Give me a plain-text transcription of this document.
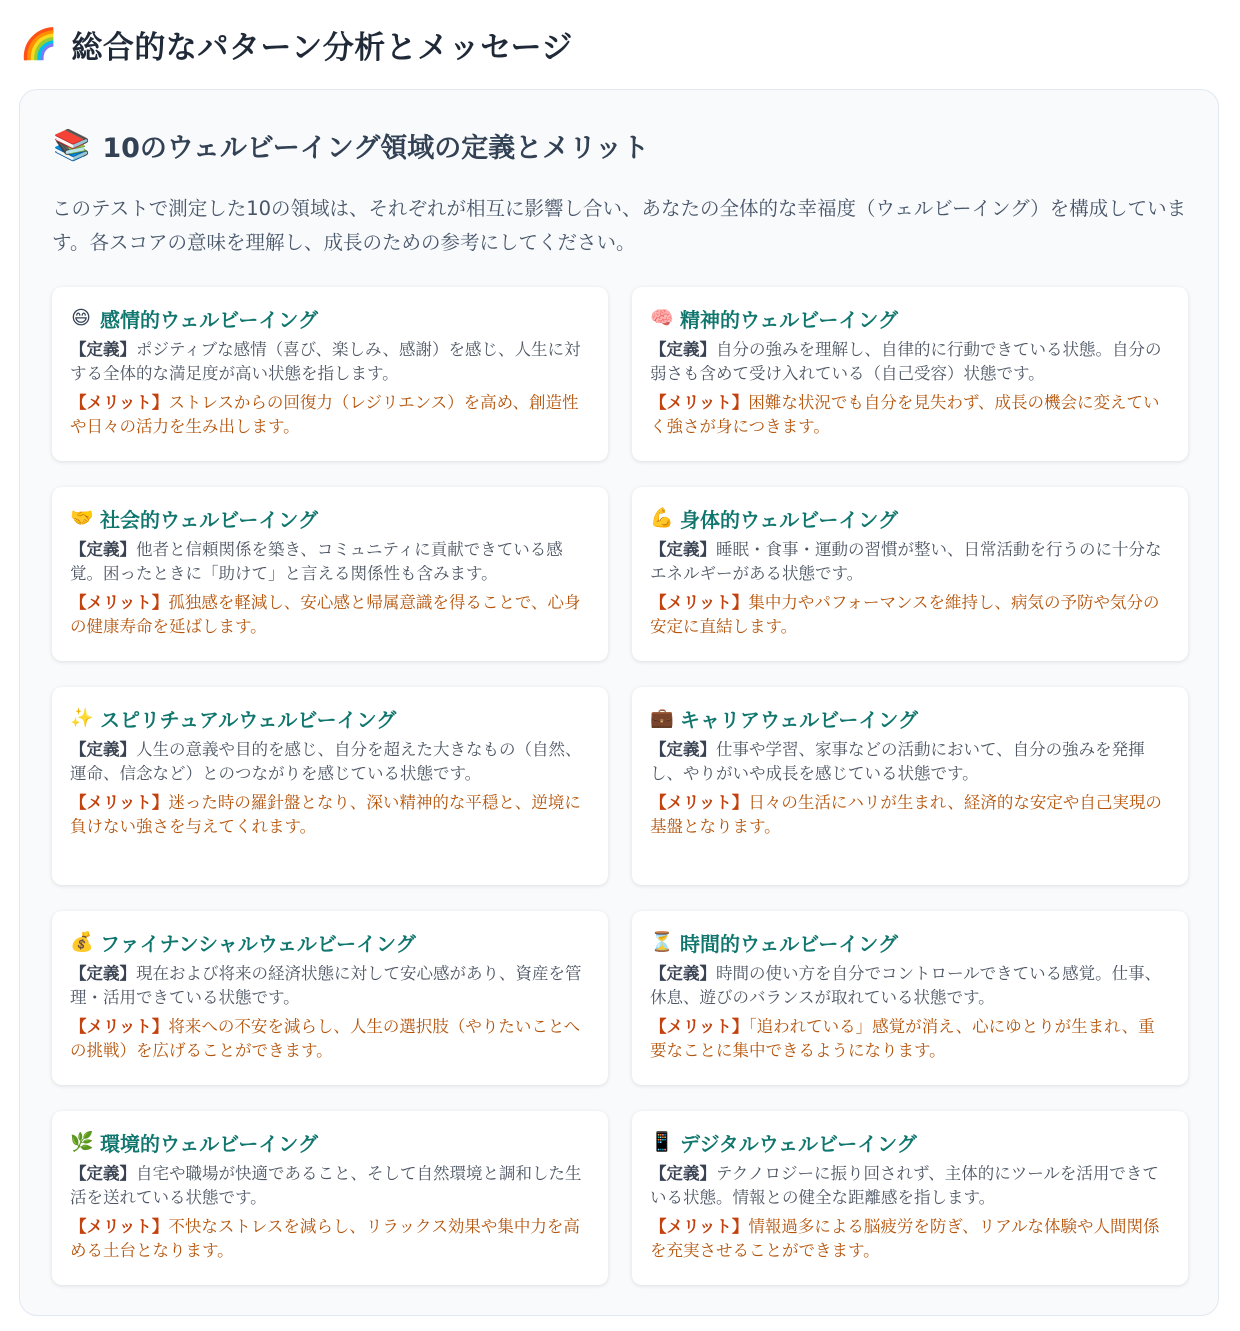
🌈 総合的なパターン分析とメッセージ
📚 10のウェルビーイング領域の定義とメリット

このテストで測定した10の領域は、それぞれが相互に影響し合い、あなたの全体的な幸福度（ウェルビーイング）を構成しています。各スコアの意味を理解し、成長のための参考にしてください。

😄 感情的ウェルビーイング

【定義】ポジティブな感情（喜び、楽しみ、感謝）を感じ、人生に対する全体的な満足度が高い状態を指します。

【メリット】ストレスからの回復力（レジリエンス）を高め、創造性や日々の活力を生み出します。

🧠 精神的ウェルビーイング

【定義】自分の強みを理解し、自律的に行動できている状態。自分の弱さも含めて受け入れている（自己受容）状態です。

【メリット】困難な状況でも自分を見失わず、成長の機会に変えていく強さが身につきます。

🤝 社会的ウェルビーイング

【定義】他者と信頼関係を築き、コミュニティに貢献できている感覚。困ったときに「助けて」と言える関係性も含みます。

【メリット】孤独感を軽減し、安心感と帰属意識を得ることで、心身の健康寿命を延ばします。

💪 身体的ウェルビーイング

【定義】睡眠・食事・運動の習慣が整い、日常活動を行うのに十分なエネルギーがある状態です。

【メリット】集中力やパフォーマンスを維持し、病気の予防や気分の安定に直結します。

✨ スピリチュアルウェルビーイング

【定義】人生の意義や目的を感じ、自分を超えた大きなもの（自然、運命、信念など）とのつながりを感じている状態です。

【メリット】迷った時の羅針盤となり、深い精神的な平穏と、逆境に負けない強さを与えてくれます。

💼 キャリアウェルビーイング

【定義】仕事や学習、家事などの活動において、自分の強みを発揮し、やりがいや成長を感じている状態です。

【メリット】日々の生活にハリが生まれ、経済的な安定や自己実現の基盤となります。

💰 ファイナンシャルウェルビーイング

【定義】現在および将来の経済状態に対して安心感があり、資産を管理・活用できている状態です。

【メリット】将来への不安を減らし、人生の選択肢（やりたいことへの挑戦）を広げることができます。

⏳ 時間的ウェルビーイング

【定義】時間の使い方を自分でコントロールできている感覚。仕事、休息、遊びのバランスが取れている状態です。

【メリット】「追われている」感覚が消え、心にゆとりが生まれ、重要なことに集中できるようになります。

🌿 環境的ウェルビーイング

【定義】自宅や職場が快適であること、そして自然環境と調和した生活を送れている状態です。

【メリット】不快なストレスを減らし、リラックス効果や集中力を高める土台となります。

📱 デジタルウェルビーイング

【定義】テクノロジーに振り回されず、主体的にツールを活用できている状態。情報との健全な距離感を指します。

【メリット】情報過多による脳疲労を防ぎ、リアルな体験や人間関係を充実させることができます。
